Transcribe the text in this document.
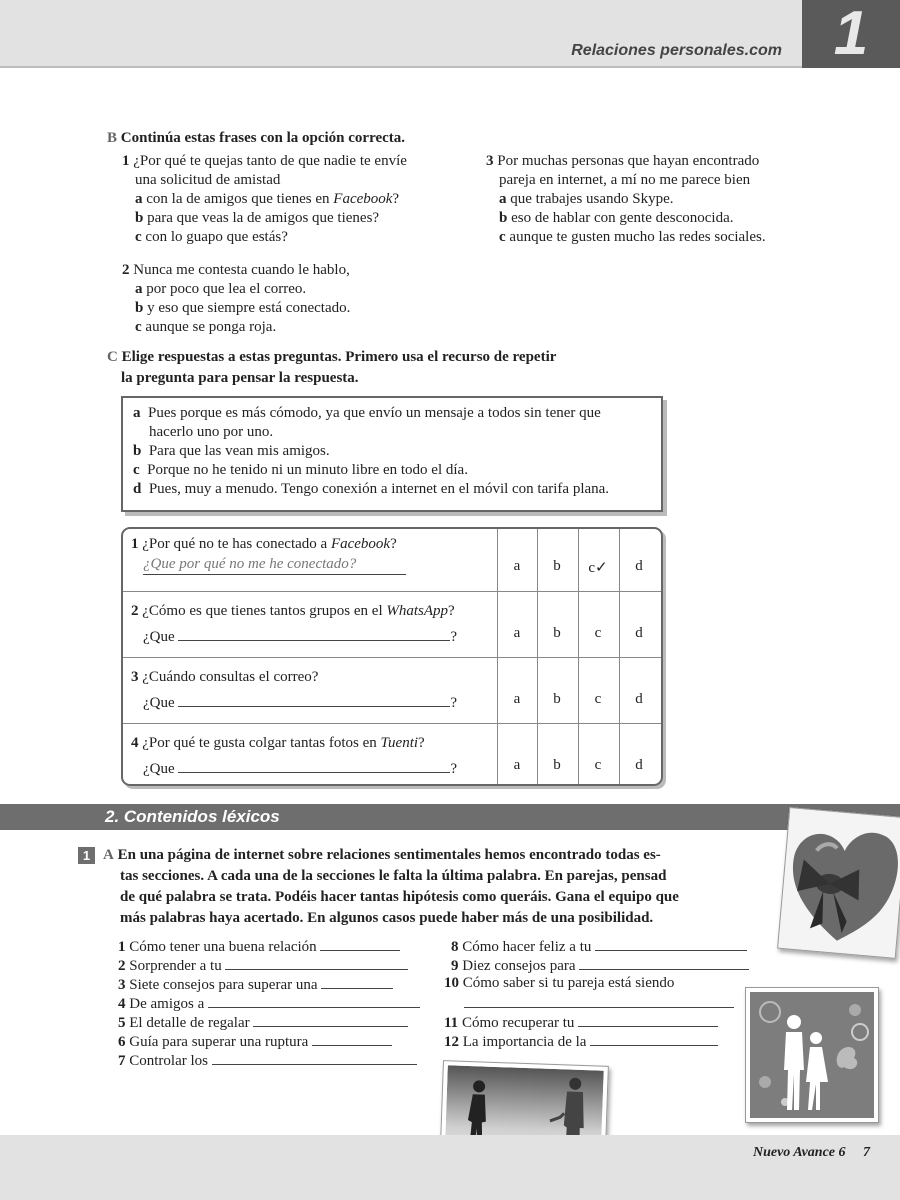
Relaciones personales.com 1
B Continúa estas frases con la opción correcta.
1 ¿Por qué te quejas tanto de que nadie te envíe
una solicitud de amistad
a con la de amigos que tienes en Facebook?
b para que veas la de amigos que tienes?
c con lo guapo que estás?
2 Nunca me contesta cuando le hablo,
a por poco que lea el correo.
b y eso que siempre está conectado.
c aunque se ponga roja.
3 Por muchas personas que hayan encontrado
pareja en internet, a mí no me parece bien
a que trabajes usando Skype.
b eso de hablar con gente desconocida.
c aunque te gusten mucho las redes sociales.
C Elige respuestas a estas preguntas. Primero usa el recurso de repetir
la pregunta para pensar la respuesta.
a Pues porque es más cómodo, ya que envío un mensaje a todos sin tener que
hacerlo uno por uno.
b Para que las vean mis amigos.
c Porque no he tenido ni un minuto libre en todo el día.
d Pues, muy a menudo. Tengo conexión a internet en el móvil con tarifa plana.
1 ¿Por qué no te has conectado a Facebook?
¿Que por qué no me he conectado?	a	b	c✓	d
2 ¿Cómo es que tienes tantos grupos en el WhatsApp?
¿Que	?	a	b	c	d
3 ¿Cuándo consultas el correo?
¿Que	?	a	b	c	d
4 ¿Por qué te gusta colgar tantas fotos en Tuenti?
¿Que	?	a	b	c	d
2. Contenidos léxicos
1 A En una página de internet sobre relaciones sentimentales hemos encontrado todas es-
tas secciones. A cada una de la secciones le falta la última palabra. En parejas, pensad
de qué palabra se trata. Podéis hacer tantas hipótesis como queráis. Gana el equipo que
más palabras haya acertado. En algunos casos puede haber más de una posibilidad.
1 Cómo tener una buena relación
2 Sorprender a tu
3 Siete consejos para superar una
4 De amigos a
5 El detalle de regalar
6 Guía para superar una ruptura
7 Controlar los
8 Cómo hacer feliz a tu
9 Diez consejos para
10 Cómo saber si tu pareja está siendo
11 Cómo recuperar tu
12 La importancia de la
Nuevo Avance 6 7
